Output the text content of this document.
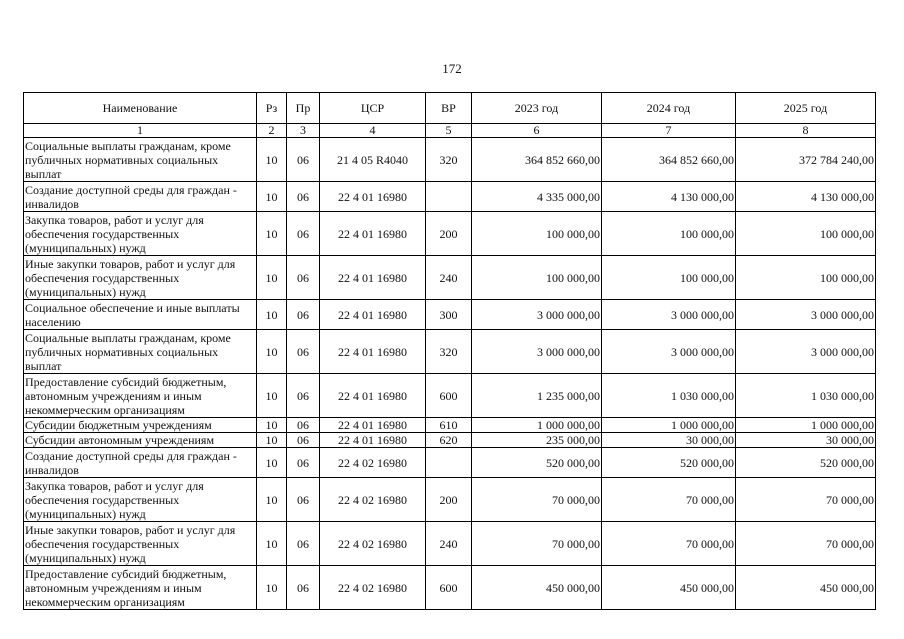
172
Наименование	Рз	Пр	ЦСР	ВР	2023 год	2024 год	2025 год
1	2	3	4	5	6	7	8
Социальные выплаты гражданам, кроме публичных нормативных социальных выплат	10	06	21 4 05 R4040	320	364 852 660,00	364 852 660,00	372 784 240,00
Создание доступной среды для граждан - инвалидов	10	06	22 4 01 16980		4 335 000,00	4 130 000,00	4 130 000,00
Закупка товаров, работ и услуг для обеспечения государственных (муниципальных) нужд	10	06	22 4 01 16980	200	100 000,00	100 000,00	100 000,00
Иные закупки товаров, работ и услуг для обеспечения государственных (муниципальных) нужд	10	06	22 4 01 16980	240	100 000,00	100 000,00	100 000,00
Социальное обеспечение и иные выплаты населению	10	06	22 4 01 16980	300	3 000 000,00	3 000 000,00	3 000 000,00
Социальные выплаты гражданам, кроме публичных нормативных социальных выплат	10	06	22 4 01 16980	320	3 000 000,00	3 000 000,00	3 000 000,00
Предоставление субсидий бюджетным, автономным учреждениям и иным некоммерческим организациям	10	06	22 4 01 16980	600	1 235 000,00	1 030 000,00	1 030 000,00
Субсидии бюджетным учреждениям	10	06	22 4 01 16980	610	1 000 000,00	1 000 000,00	1 000 000,00
Субсидии автономным учреждениям	10	06	22 4 01 16980	620	235 000,00	30 000,00	30 000,00
Создание доступной среды для граждан - инвалидов	10	06	22 4 02 16980		520 000,00	520 000,00	520 000,00
Закупка товаров, работ и услуг для обеспечения государственных (муниципальных) нужд	10	06	22 4 02 16980	200	70 000,00	70 000,00	70 000,00
Иные закупки товаров, работ и услуг для обеспечения государственных (муниципальных) нужд	10	06	22 4 02 16980	240	70 000,00	70 000,00	70 000,00
Предоставление субсидий бюджетным, автономным учреждениям и иным некоммерческим организациям	10	06	22 4 02 16980	600	450 000,00	450 000,00	450 000,00
